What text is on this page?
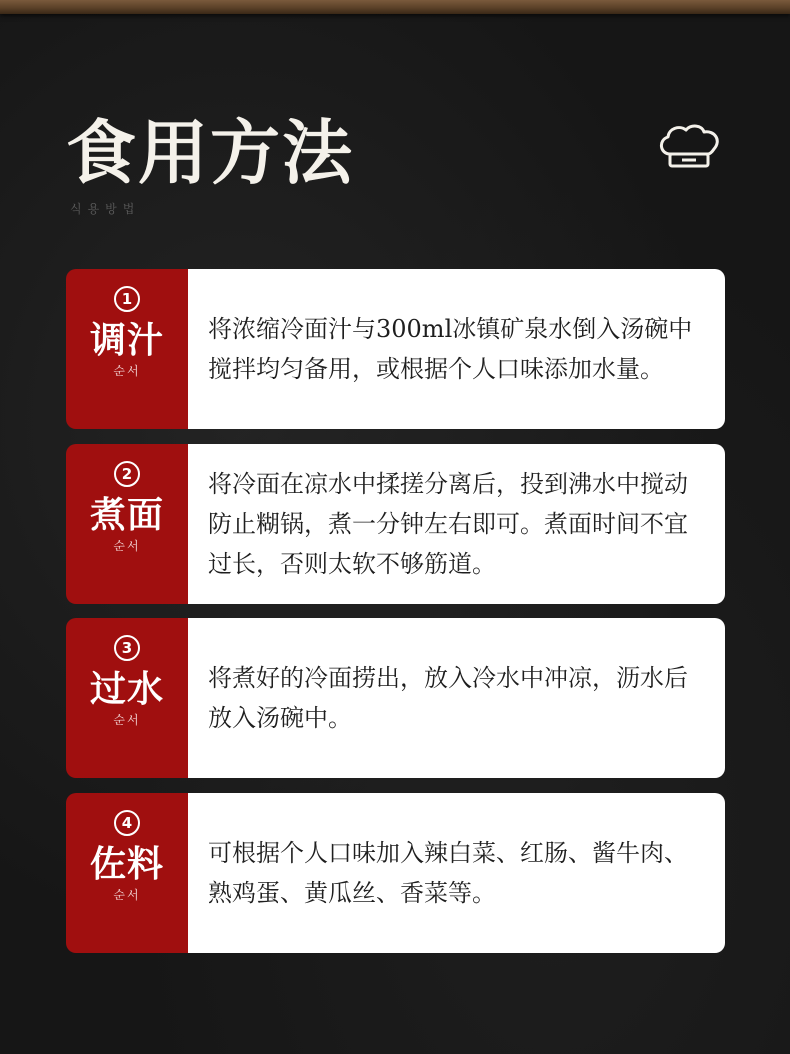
食用方法
식용방법
1
调汁
순서
将浓缩冷面汁与300ml冰镇矿泉水倒入汤碗中搅拌均匀备用，或根据个人口味添加水量。
2
煮面
순서
将冷面在凉水中揉搓分离后，投到沸水中搅动防止糊锅，煮一分钟左右即可。煮面时间不宜过长，否则太软不够筋道。
3
过水
순서
将煮好的冷面捞出，放入冷水中冲凉，沥水后放入汤碗中。
4
佐料
순서
可根据个人口味加入辣白菜、红肠、酱牛肉、熟鸡蛋、黄瓜丝、香菜等。
